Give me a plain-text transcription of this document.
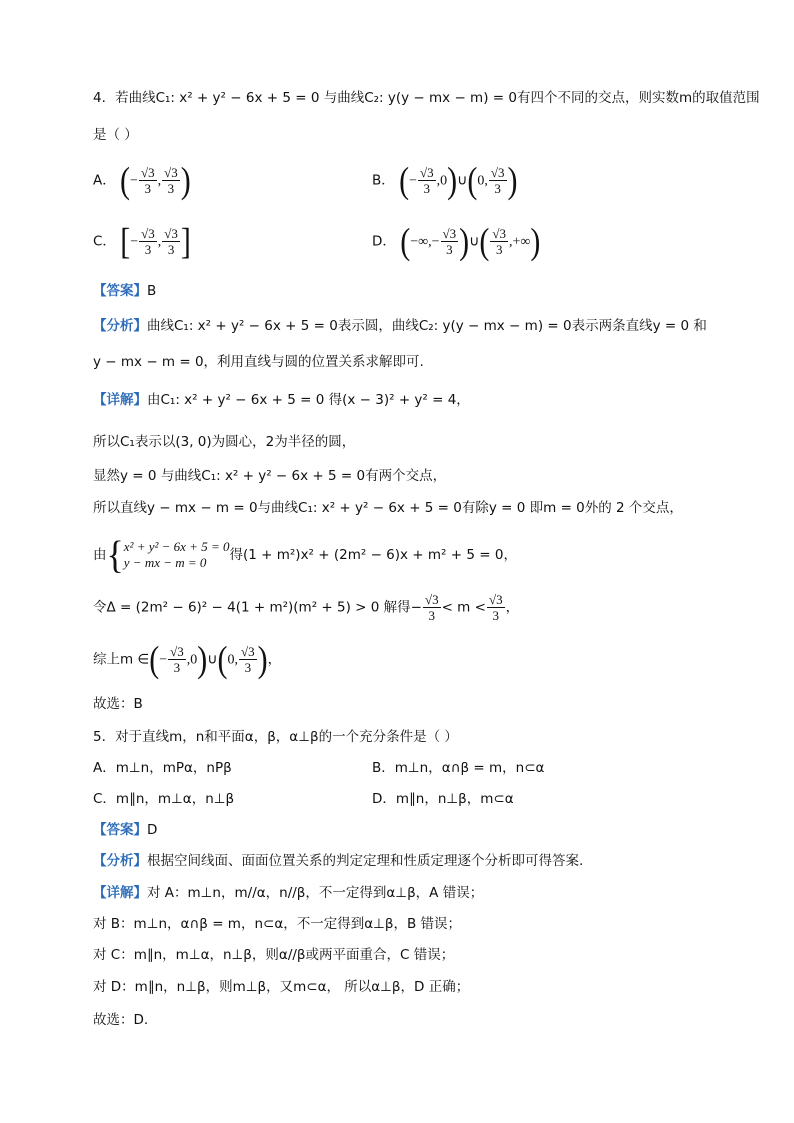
4．若曲线C₁: x² + y² − 6x + 5 = 0 与曲线C₂: y(y − mx − m) = 0有四个不同的交点，则实数m的取值范围
是（ ）
A． (− $\frac{√3}{3}$ , $\frac{√3}{3}$ )	B． (− $\frac{√3}{3}$ ,0)∪(0, $\frac{√3}{3}$ )
C． [− $\frac{√3}{3}$ , $\frac{√3}{3}$ ]	D． (−∞,− $\frac{√3}{3}$ )∪( $\frac{√3}{3}$ ,+∞)
【答案】B
【分析】曲线C₁: x² + y² − 6x + 5 = 0表示圆，曲线C₂: y(y − mx − m) = 0表示两条直线y = 0 和
y − mx − m = 0，利用直线与圆的位置关系求解即可.
【详解】由C₁: x² + y² − 6x + 5 = 0 得(x − 3)² + y² = 4，
所以C₁表示以(3, 0)为圆心，2为半径的圆，
显然y = 0 与曲线C₁: x² + y² − 6x + 5 = 0有两个交点，
所以直线y − mx − m = 0与曲线C₁: x² + y² − 6x + 5 = 0有除y = 0 即m = 0外的 2 个交点，
由 { x² + y² − 6x + 5 = 0
y − mx − m = 0	得(1 + m²)x² + (2m² − 6)x + m² + 5 = 0，
令Δ = (2m² − 6)² − 4(1 + m²)(m² + 5) > 0 解得− $\frac{√3}{3} < m < \frac{√3}{3}$ ，
综上m ∈(− $\frac{√3}{3}$ ,0)∪(0, $\frac{√3}{3}$ )，
故选：B
5．对于直线m，n和平面α，β，α⊥β的一个充分条件是（ ）
A．m⊥n，mPα，nPβ	B．m⊥n，α∩β = m，n⊂α
C．m∥n，m⊥α，n⊥β	D．m∥n，n⊥β，m⊂α
【答案】D
【分析】根据空间线面、面面位置关系的判定定理和性质定理逐个分析即可得答案.
【详解】对 A：m⊥n，m//α，n//β，不一定得到α⊥β，A 错误；
对 B：m⊥n，α∩β = m，n⊂α，不一定得到α⊥β，B 错误；
对 C：m∥n，m⊥α，n⊥β，则α//β或两平面重合，C 错误；
对 D：m∥n，n⊥β，则m⊥β，又m⊂α， 所以α⊥β，D 正确；
故选：D.
